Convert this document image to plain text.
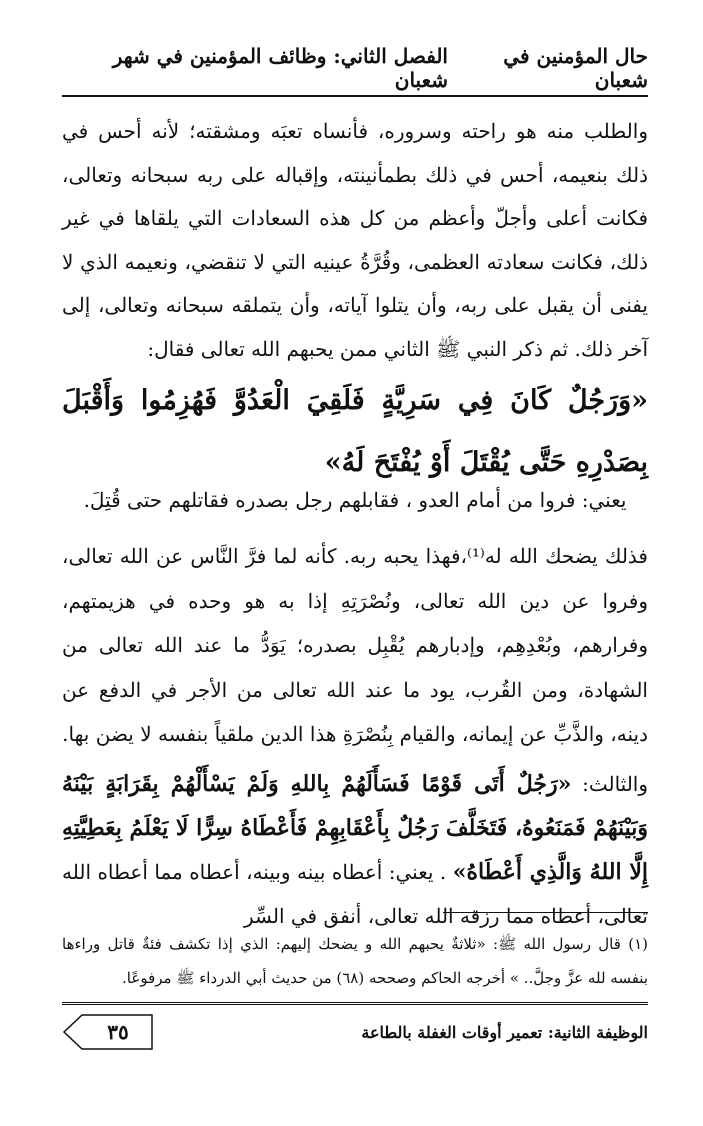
حال المؤمنين في شعبان
الفصل الثاني: وظائف المؤمنين في شهر شعبان

والطلب منه هو راحته وسروره، فأنساه تعبَه ومشقته؛ لأنه أحس في ذلك بنعيمه، أحس في ذلك بطمأنينته، وإقباله على ربه سبحانه وتعالى، فكانت أعلى وأجلّ وأعظم من كل هذه السعادات التي يلقاها في غير ذلك، فكانت سعادته العظمى، وقُرَّةُ عينيه التي لا تنقضي، ونعيمه الذي لا يفنى أن يقبل على ربه، وأن يتلوا آياته، وأن يتملقه سبحانه وتعالى، إلى آخر ذلك. ثم ذكر النبي ﷺ الثاني ممن يحبهم الله تعالى فقال:

«وَرَجُلٌ كَانَ فِي سَرِيَّةٍ فَلَقِيَ الْعَدُوَّ فَهُزِمُوا وَأَقْبَلَ بِصَدْرِهِ حَتَّى يُقْتَلَ أَوْ يُفْتَحَ لَهُ»

يعني: فروا من أمام العدو ، فقابلهم رجل بصدره فقاتلهم حتى قُتِلَ.

فذلك يضحك الله له⁽¹⁾،فهذا يحبه ربه. كأنه لما فرَّ النَّاس عن الله تعالى، وفروا عن دين الله تعالى، ونُصْرَتِهِ إذا به هو وحده في هزيمتهم، وفرارهم، وبُعْدِهِم، وإدبارهم يُقْبِل بصدره؛ يَوَدُّ ما عند الله تعالى من الشهادة، ومن القُرب، يود ما عند الله تعالى من الأجر في الدفع عن دينه، والذَّبِّ عن إيمانه، والقيام بِنُصْرَةِ هذا الدين ملقياً بنفسه لا يضن بها.

والثالث: «رَجُلٌ أَتَى قَوْمًا فَسَأَلَهُمْ بِاللهِ وَلَمْ يَسْأَلْهُمْ بِقَرَابَةٍ بَيْنَهُ وَبَيْنَهُمْ فَمَنَعُوهُ، فَتَخَلَّفَ رَجُلٌ بِأَعْقَابِهِمْ فَأَعْطَاهُ سِرًّا لَا يَعْلَمُ بِعَطِيَّتِهِ إِلَّا اللهُ وَالَّذِي أَعْطَاهُ» . يعني: أعطاه بينه وبينه، أعطاه مما أعطاه الله تعالى، أعطاه مما رزقه الله تعالى، أنفق في السِّر

(١) قال رسول الله ﷺ: «ثلاثةٌ يحبهم الله و يضحك إليهم: الذي إذا تكشف فئةٌ قاتل وراءها بنفسه لله عزَّ وجلَّ.. » أخرجه الحاكم وصححه (٦٨) من حديث أبي الدرداء ﷺ مرفوعًا.
الوظيفة الثانية: تعمير أوقات الغفلة بالطاعة
٣٥
